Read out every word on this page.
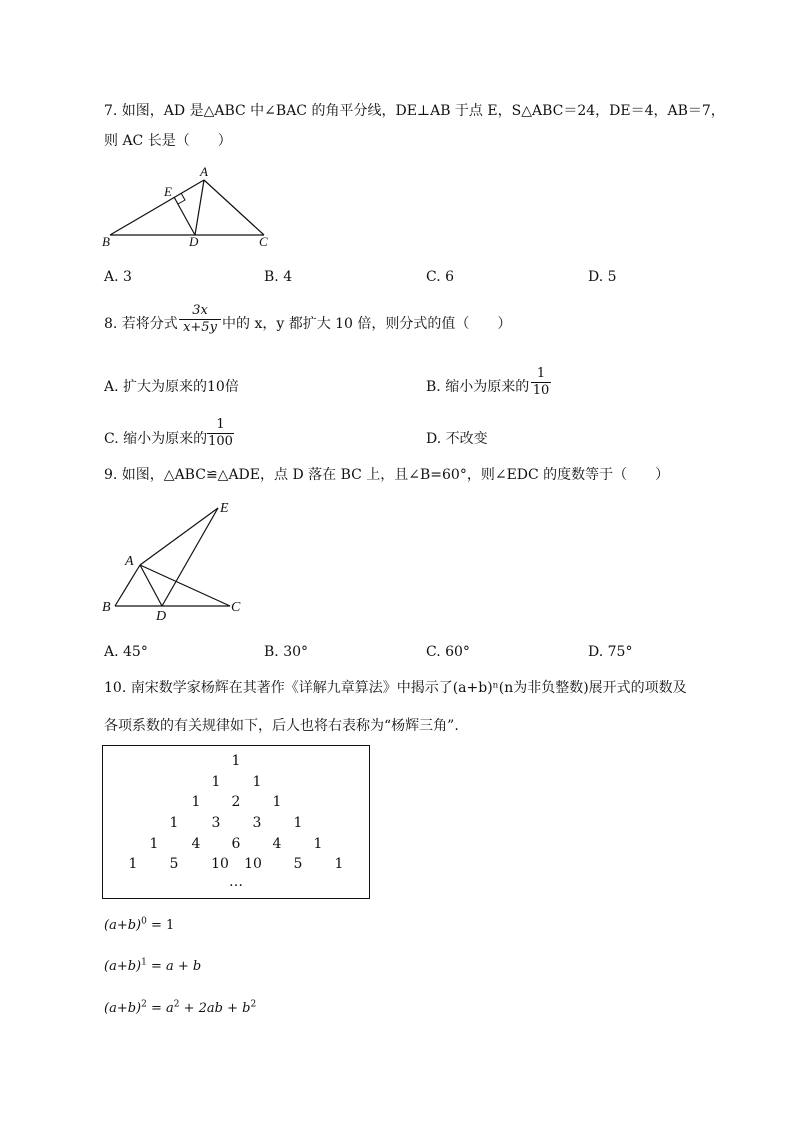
7. 如图，AD 是△ABC 中∠BAC 的角平分线，DE⊥AB 于点 E，S△ABC＝24，DE＝4，AB＝7，
则 AC 长是（　　）
A
E
B	D	C
A. 3	B. 4	C. 6	D. 5
8. 若将分式 $\frac{3x}{x+5y}$ 中的 x，y 都扩大 10 倍，则分式的值（　　）
A. 扩大为原来的10倍	B. 缩小为原来的 $\frac{1}{10}$
C. 缩小为原来的 $\frac{1}{100}$	D. 不改变
9. 如图，△ABC≌△ADE，点 D 落在 BC 上，且∠B=60°，则∠EDC 的度数等于（　　）
E
A
B
D
C
A. 45°	B. 30°	C. 60°	D. 75°
10. 南宋数学家杨辉在其著作《详解九章算法》中揭示了(a+b)ⁿ(n为非负整数)展开式的项数及
各项系数的有关规律如下，后人也将右表称为“杨辉三角”.
1
1	1
1	2	1
1	3	3	1
1	4	6	4	1
1	5	10 10	5	1
…
$(a+b)^0 = 1$
$(a+b)^1 = a + b$
$(a+b)^2 = a^2 + 2ab + b^2$
